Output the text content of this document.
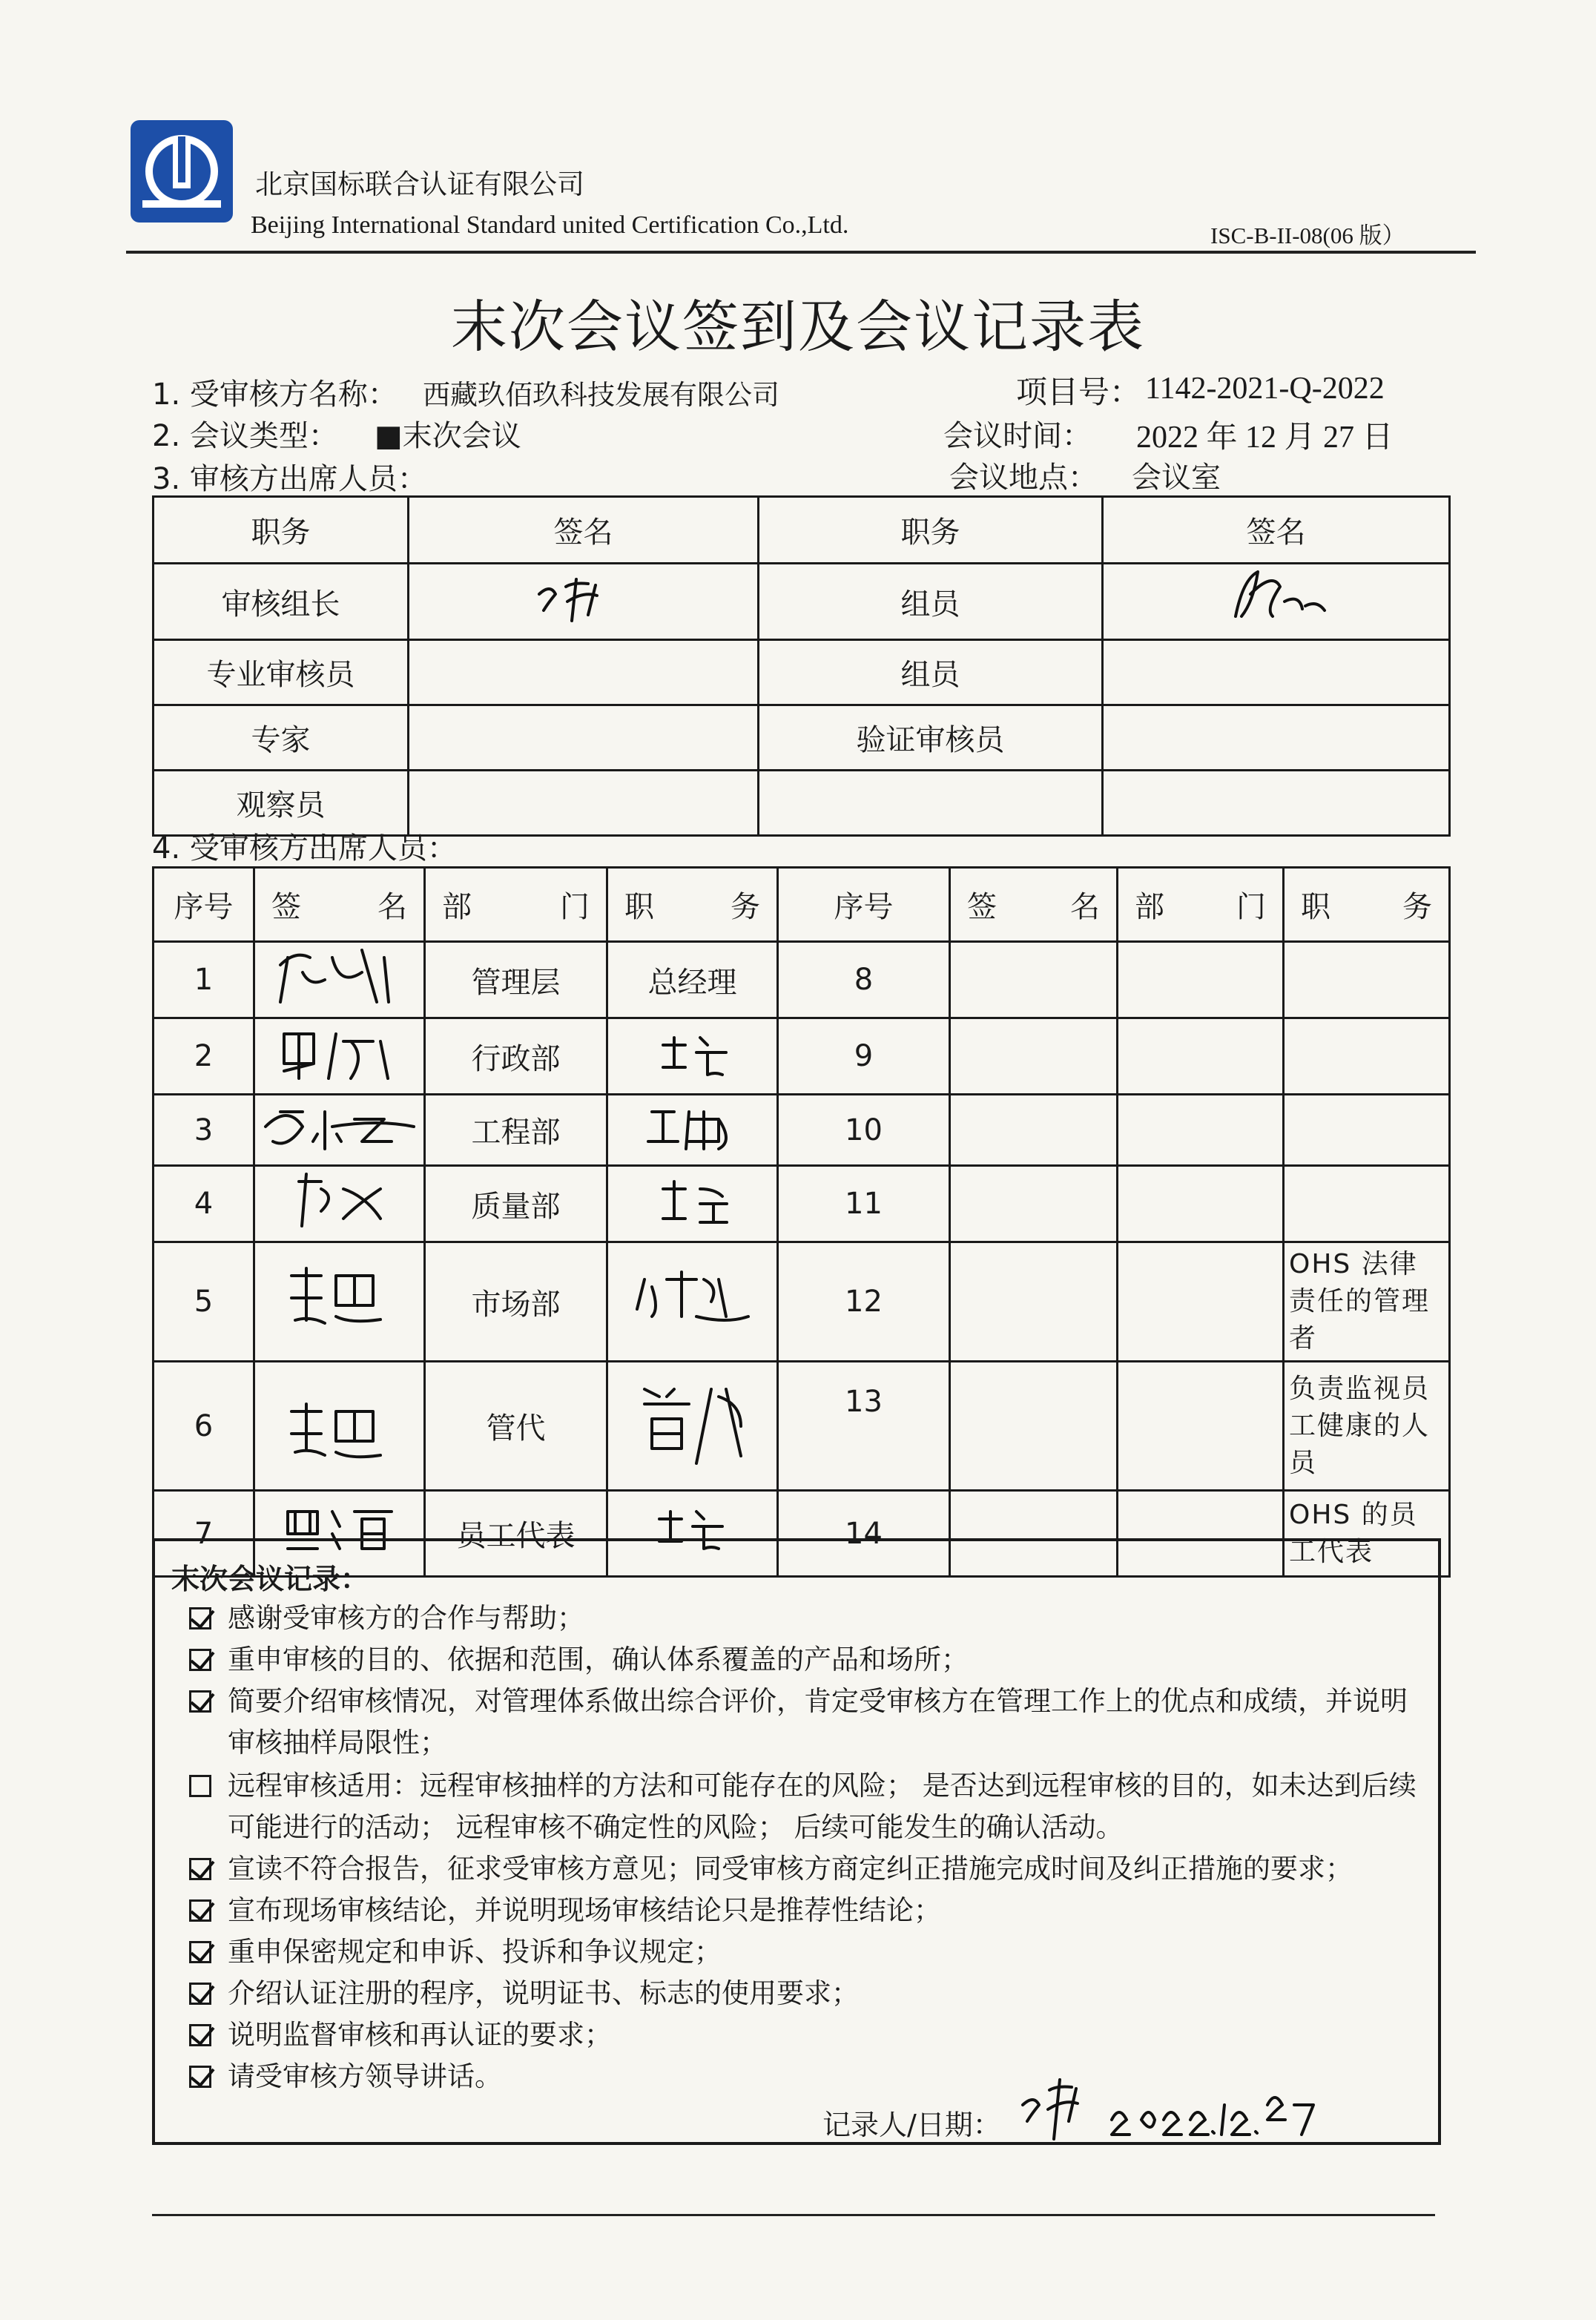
北京国标联合认证有限公司
Beijing International Standard united Certification Co.,Ltd.	ISC-B-II-08(06 版）
末次会议签到及会议记录表
1. 受审核方名称： 西藏玖佰玖科技发展有限公司	项目号： 1142-2021-Q-2022
2. 会议类型： ■末次会议	会议时间： 2022 年 12 月 27 日
3. 审核方出席人员：	会议地点： 会议室
职务	签名	职务	签名
审核组长		组员	
专业审核员		组员	
专家		验证审核员	
观察员			
4. 受审核方出席人员：
序号	签 名	部 门	职 务	序号	签 名	部 门	职 务

1		管理层	总经理	8			
2		行政部		9			
3		工程部		10			
4		质量部		11			
5		市场部		12			OHS 法律责任的管理者
6		管代		13			负责监视员工健康的人员
7		员工代表		14			OHS 的员工代表
末次会议记录：
感谢受审核方的合作与帮助；
重申审核的目的、依据和范围，确认体系覆盖的产品和场所；
简要介绍审核情况，对管理体系做出综合评价，肯定受审核方在管理工作上的优点和成绩，并说明审核抽样局限性；
远程审核适用：远程审核抽样的方法和可能存在的风险； 是否达到远程审核的目的，如未达到后续可能进行的活动； 远程审核不确定性的风险； 后续可能发生的确认活动。
宣读不符合报告，征求受审核方意见；同受审核方商定纠正措施完成时间及纠正措施的要求；
宣布现场审核结论，并说明现场审核结论只是推荐性结论；
重申保密规定和申诉、投诉和争议规定；
介绍认证注册的程序，说明证书、标志的使用要求；
说明监督审核和再认证的要求；
请受审核方领导讲话。
记录人/日期：
